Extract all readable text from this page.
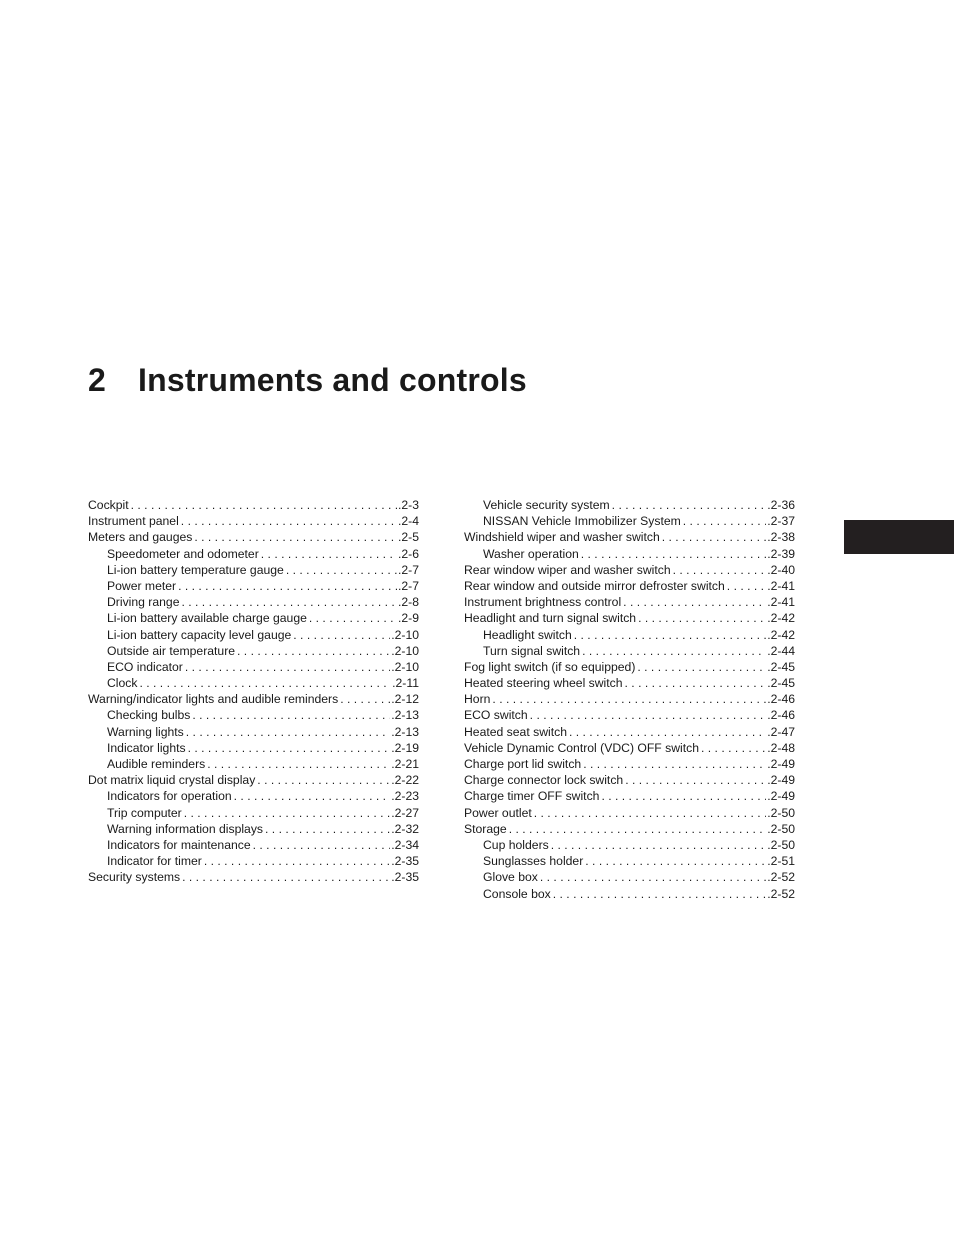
2 Instruments and controls
Cockpit . . .	.2-3
Instrument panel . . .	.2-4
Meters and gauges . . .	.2-5
Speedometer and odometer . . .	.2-6
Li-ion battery temperature gauge . . .	.2-7
Power meter . . .	.2-7
Driving range . . .	.2-8
Li-ion battery available charge gauge . . .	.2-9
Li-ion battery capacity level gauge . . .	.2-10
Outside air temperature . . .	.2-10
ECO indicator . . .	.2-10
Clock . . .	.2-11
Warning/indicator lights and audible reminders . . .	.2-12
Checking bulbs . . .	.2-13
Warning lights . . .	.2-13
Indicator lights . . .	.2-19
Audible reminders . . .	.2-21
Dot matrix liquid crystal display . . .	.2-22
Indicators for operation . . .	.2-23
Trip computer . . .	.2-27
Warning information displays . . .	.2-32
Indicators for maintenance . . .	.2-34
Indicator for timer . . .	.2-35
Security systems . . .	.2-35
Vehicle security system . . .	.2-36
NISSAN Vehicle Immobilizer System . . .	.2-37
Windshield wiper and washer switch . . .	.2-38
Washer operation . . .	.2-39
Rear window wiper and washer switch . . .	.2-40
Rear window and outside mirror defroster switch . . .	.2-41
Instrument brightness control . . .	.2-41
Headlight and turn signal switch . . .	.2-42
Headlight switch . . .	.2-42
Turn signal switch . . .	.2-44
Fog light switch (if so equipped) . . .	.2-45
Heated steering wheel switch . . .	.2-45
Horn . . .	.2-46
ECO switch . . .	.2-46
Heated seat switch . . .	.2-47
Vehicle Dynamic Control (VDC) OFF switch . . .	.2-48
Charge port lid switch . . .	.2-49
Charge connector lock switch . . .	.2-49
Charge timer OFF switch . . .	.2-49
Power outlet . . .	.2-50
Storage . . .	.2-50
Cup holders . . .	.2-50
Sunglasses holder . . .	.2-51
Glove box . . .	.2-52
Console box . . .	.2-52
